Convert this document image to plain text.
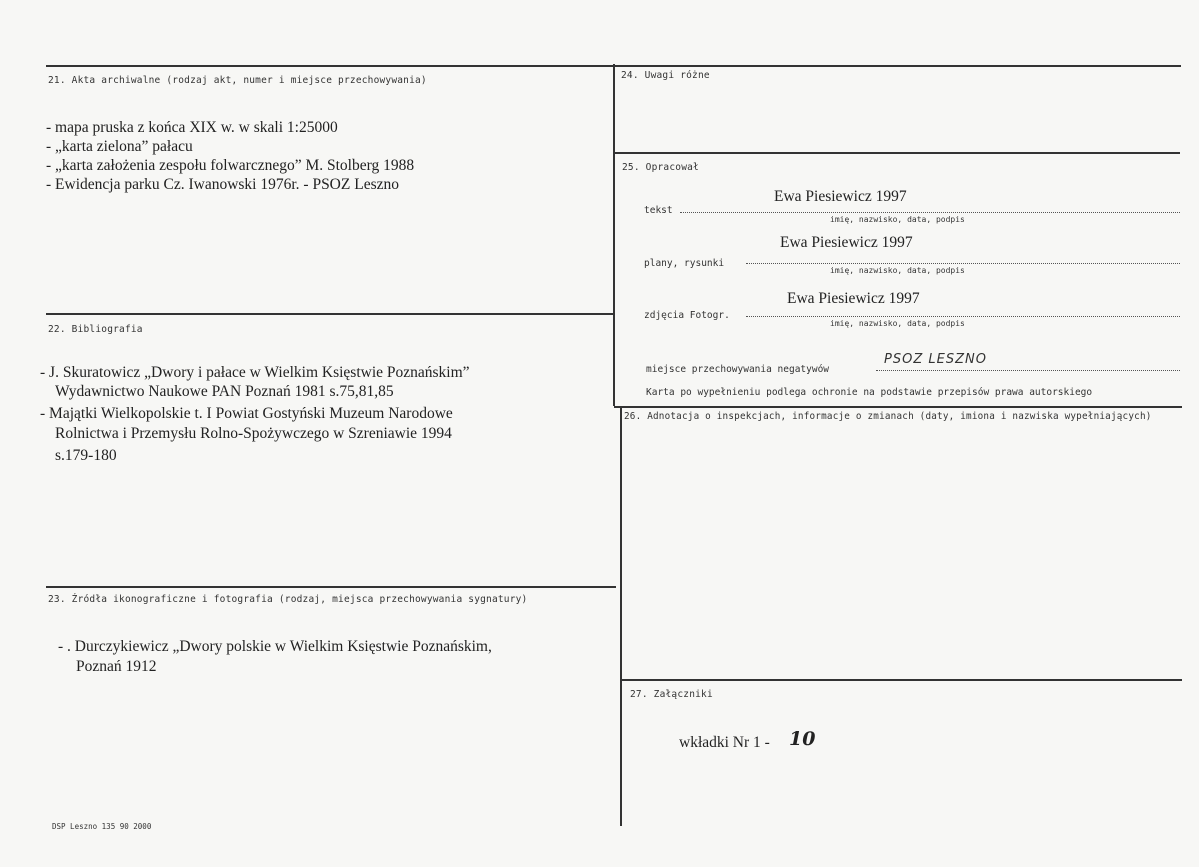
21. Akta archiwalne (rodzaj akt, numer i miejsce przechowywania)
- mapa pruska z końca XIX w. w skali 1:25000
- „karta zielona” pałacu
- „karta założenia zespołu folwarcznego” M. Stolberg 1988
- Ewidencja parku Cz. Iwanowski 1976r. - PSOZ Leszno
22. Bibliografia
- J. Skuratowicz „Dwory i pałace w Wielkim Księstwie Poznańskim”
Wydawnictwo Naukowe PAN Poznań 1981 s.75,81,85
- Majątki Wielkopolskie t. I Powiat Gostyński Muzeum Narodowe
Rolnictwa i Przemysłu Rolno-Spożywczego w Szreniawie 1994
s.179-180
23. Źródła ikonograficzne i fotografia (rodzaj, miejsca przechowywania sygnatury)
- . Durczykiewicz „Dwory polskie w Wielkim Księstwie Poznańskim,
Poznań 1912
24. Uwagi różne
25. Opracował
Ewa Piesiewicz 1997
tekst
imię, nazwisko, data, podpis
Ewa Piesiewicz 1997
plany, rysunki
imię, nazwisko, data, podpis
Ewa Piesiewicz 1997
zdjęcia Fotogr.
imię, nazwisko, data, podpis
miejsce przechowywania negatywów
PSOZ LESZNO
Karta po wypełnieniu podlega ochronie na podstawie przepisów prawa autorskiego
26. Adnotacja o inspekcjach, informacje o zmianach (daty, imiona i nazwiska wypełniających)
27. Załączniki
wkładki Nr 1 - 10
DSP Leszno 135 90 2000
